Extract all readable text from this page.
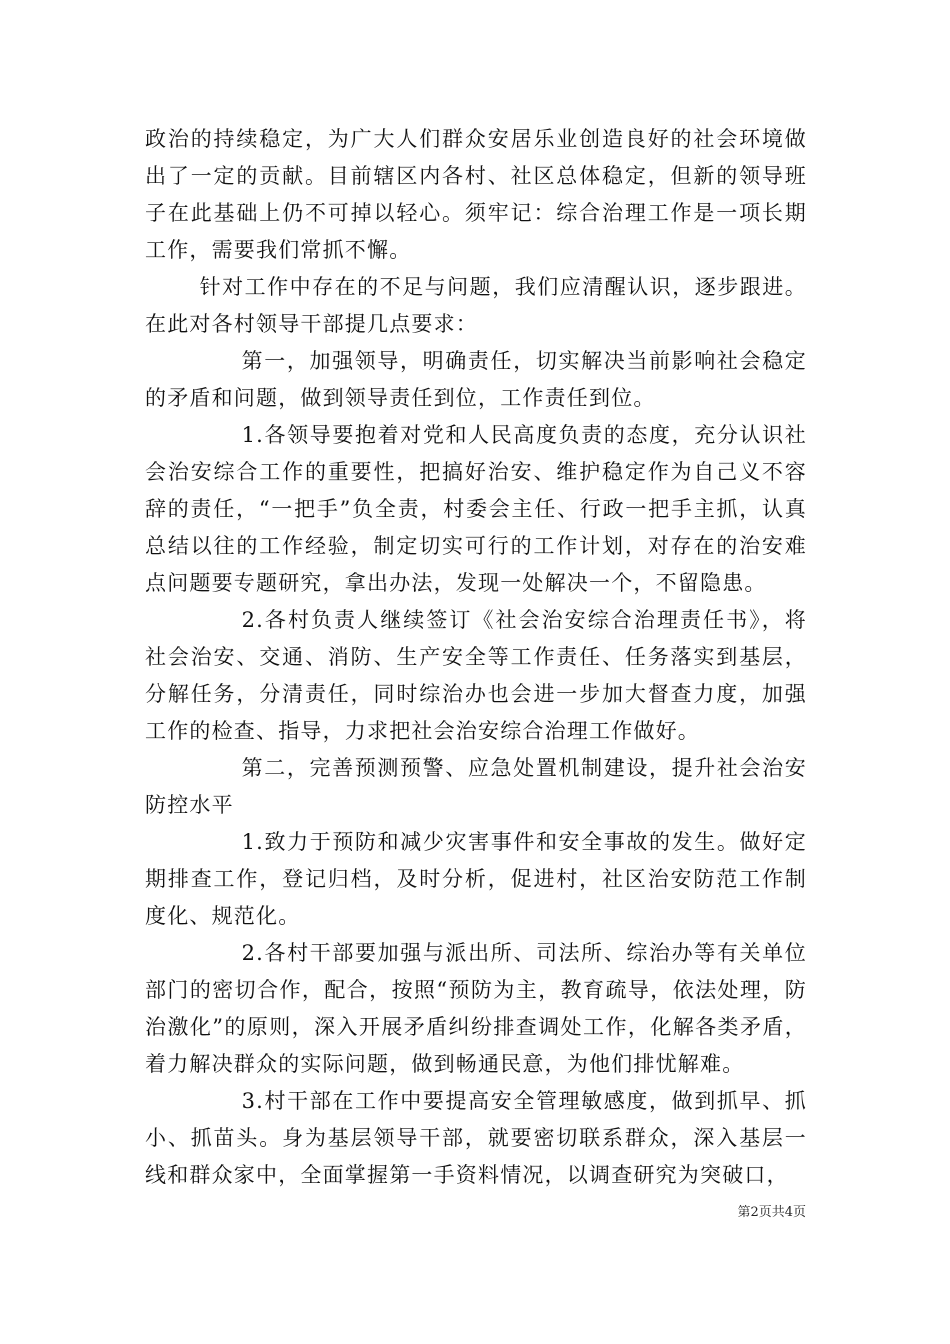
政治的持续稳定，为广大人们群众安居乐业创造良好的社会环境做出了一定的贡献。目前辖区内各村、社区总体稳定，但新的领导班子在此基础上仍不可掉以轻心。须牢记：综合治理工作是一项长期工作，需要我们常抓不懈。

针对工作中存在的不足与问题，我们应清醒认识，逐步跟进。在此对各村领导干部提几点要求：

第一，加强领导，明确责任，切实解决当前影响社会稳定的矛盾和问题，做到领导责任到位，工作责任到位。

1.各领导要抱着对党和人民高度负责的态度，充分认识社会治安综合工作的重要性，把搞好治安、维护稳定作为自己义不容辞的责任，“一把手”负全责，村委会主任、行政一把手主抓，认真总结以往的工作经验，制定切实可行的工作计划，对存在的治安难点问题要专题研究，拿出办法，发现一处解决一个，不留隐患。

2.各村负责人继续签订《社会治安综合治理责任书》，将社会治安、交通、消防、生产安全等工作责任、任务落实到基层，分解任务，分清责任，同时综治办也会进一步加大督查力度，加强工作的检查、指导，力求把社会治安综合治理工作做好。

第二，完善预测预警、应急处置机制建设，提升社会治安防控水平

1.致力于预防和减少灾害事件和安全事故的发生。做好定期排查工作，登记归档，及时分析，促进村，社区治安防范工作制度化、规范化。

2.各村干部要加强与派出所、司法所、综治办等有关单位部门的密切合作，配合，按照“预防为主，教育疏导，依法处理，防治激化”的原则，深入开展矛盾纠纷排查调处工作，化解各类矛盾，着力解决群众的实际问题，做到畅通民意，为他们排忧解难。

3.村干部在工作中要提高安全管理敏感度，做到抓早、抓小、抓苗头。身为基层领导干部，就要密切联系群众，深入基层一线和群众家中，全面掌握第一手资料情况，以调查研究为突破口，

第2页共4页
